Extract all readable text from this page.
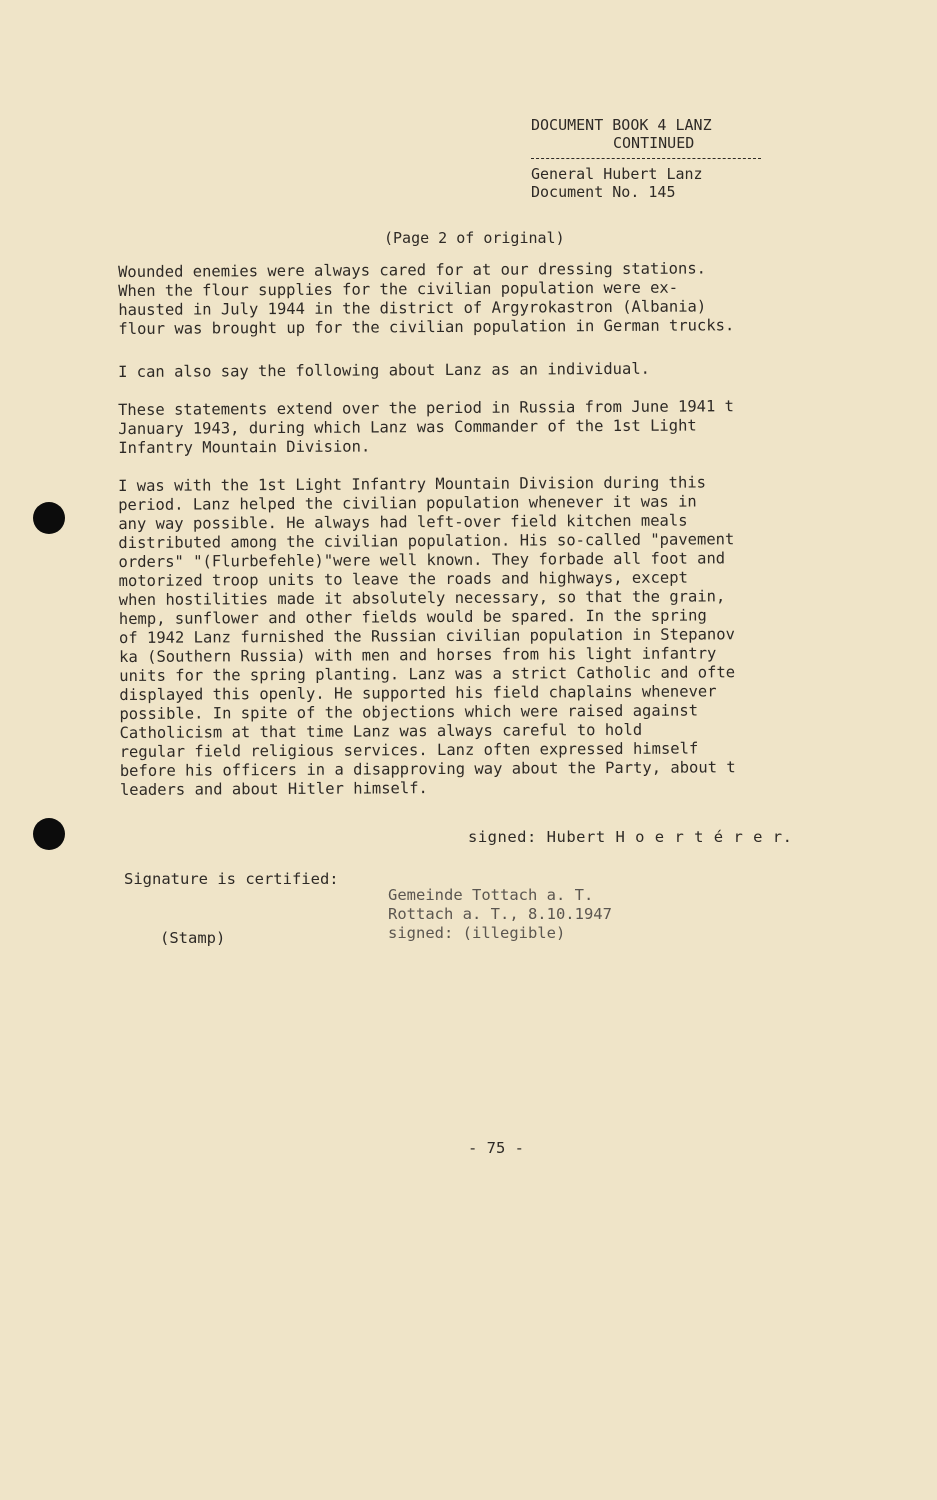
DOCUMENT BOOK 4 LANZ
CONTINUED
General Hubert Lanz
Document No. 145
(Page 2 of original)
Wounded enemies were always cared for at our dressing stations.
When the flour supplies for the civilian population were ex-
hausted in July 1944 in the district of Argyrokastron (Albania)
flour was brought up for the civilian population in German trucks.
I can also say the following about Lanz as an individual.
These statements extend over the period in Russia from June 1941 t
January 1943, during which Lanz was Commander of the 1st Light
Infantry Mountain Division.
I was with the 1st Light Infantry Mountain Division during this
period. Lanz helped the civilian population whenever it was in
any way possible. He always had left-over field kitchen meals
distributed among the civilian population. His so-called "pavement
orders" "(Flurbefehle)"were well known. They forbade all foot and
motorized troop units to leave the roads and highways, except
when hostilities made it absolutely necessary, so that the grain,
hemp, sunflower and other fields would be spared. In the spring
of 1942 Lanz furnished the Russian civilian population in Stepanov
ka (Southern Russia) with men and horses from his light infantry
units for the spring planting. Lanz was a strict Catholic and ofte
displayed this openly. He supported his field chaplains whenever
possible. In spite of the objections which were raised against
Catholicism at that time Lanz was always careful to hold
regular field religious services. Lanz often expressed himself
before his officers in a disapproving way about the Party, about t
leaders and about Hitler himself.
signed: Hubert H o e r t é r e r.
Signature is certified:
(Stamp)
Gemeinde Tottach a. T.
Rottach a. T., 8.10.1947
signed: (illegible)
- 75 -
